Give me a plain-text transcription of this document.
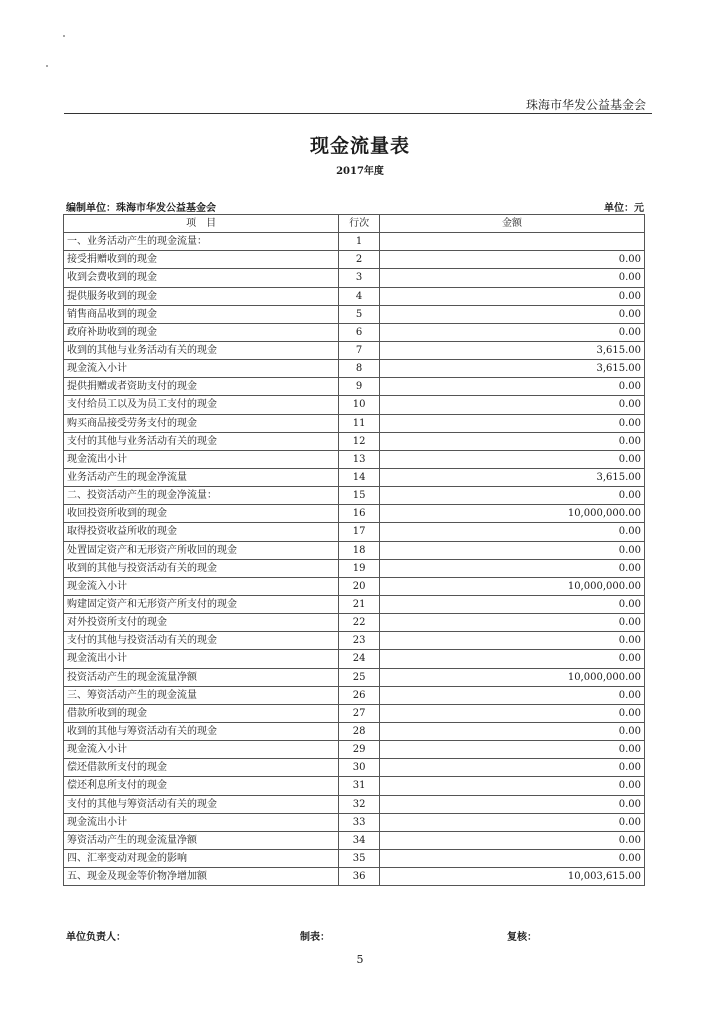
珠海市华发公益基金会
现金流量表
2017年度
编制单位：珠海市华发公益基金会	单位：元
项　目	行次	金额
一、业务活动产生的现金流量：	1	
接受捐赠收到的现金	2	0.00
收到会费收到的现金	3	0.00
提供服务收到的现金	4	0.00
销售商品收到的现金	5	0.00
政府补助收到的现金	6	0.00
收到的其他与业务活动有关的现金	7	3,615.00
现金流入小计	8	3,615.00
提供捐赠或者资助支付的现金	9	0.00
支付给员工以及为员工支付的现金	10	0.00
购买商品接受劳务支付的现金	11	0.00
支付的其他与业务活动有关的现金	12	0.00
现金流出小计	13	0.00
业务活动产生的现金净流量	14	3,615.00
二、投资活动产生的现金净流量：	15	0.00
收回投资所收到的现金	16	10,000,000.00
取得投资收益所收的现金	17	0.00
处置固定资产和无形资产所收回的现金	18	0.00
收到的其他与投资活动有关的现金	19	0.00
现金流入小计	20	10,000,000.00
购建固定资产和无形资产所支付的现金	21	0.00
对外投资所支付的现金	22	0.00
支付的其他与投资活动有关的现金	23	0.00
现金流出小计	24	0.00
投资活动产生的现金流量净额	25	10,000,000.00
三、筹资活动产生的现金流量	26	0.00
借款所收到的现金	27	0.00
收到的其他与筹资活动有关的现金	28	0.00
现金流入小计	29	0.00
偿还借款所支付的现金	30	0.00
偿还利息所支付的现金	31	0.00
支付的其他与筹资活动有关的现金	32	0.00
现金流出小计	33	0.00
筹资活动产生的现金流量净额	34	0.00
四、汇率变动对现金的影响	35	0.00
五、现金及现金等价物净增加额	36	10,003,615.00
单位负责人：	制表：	复核：
5
